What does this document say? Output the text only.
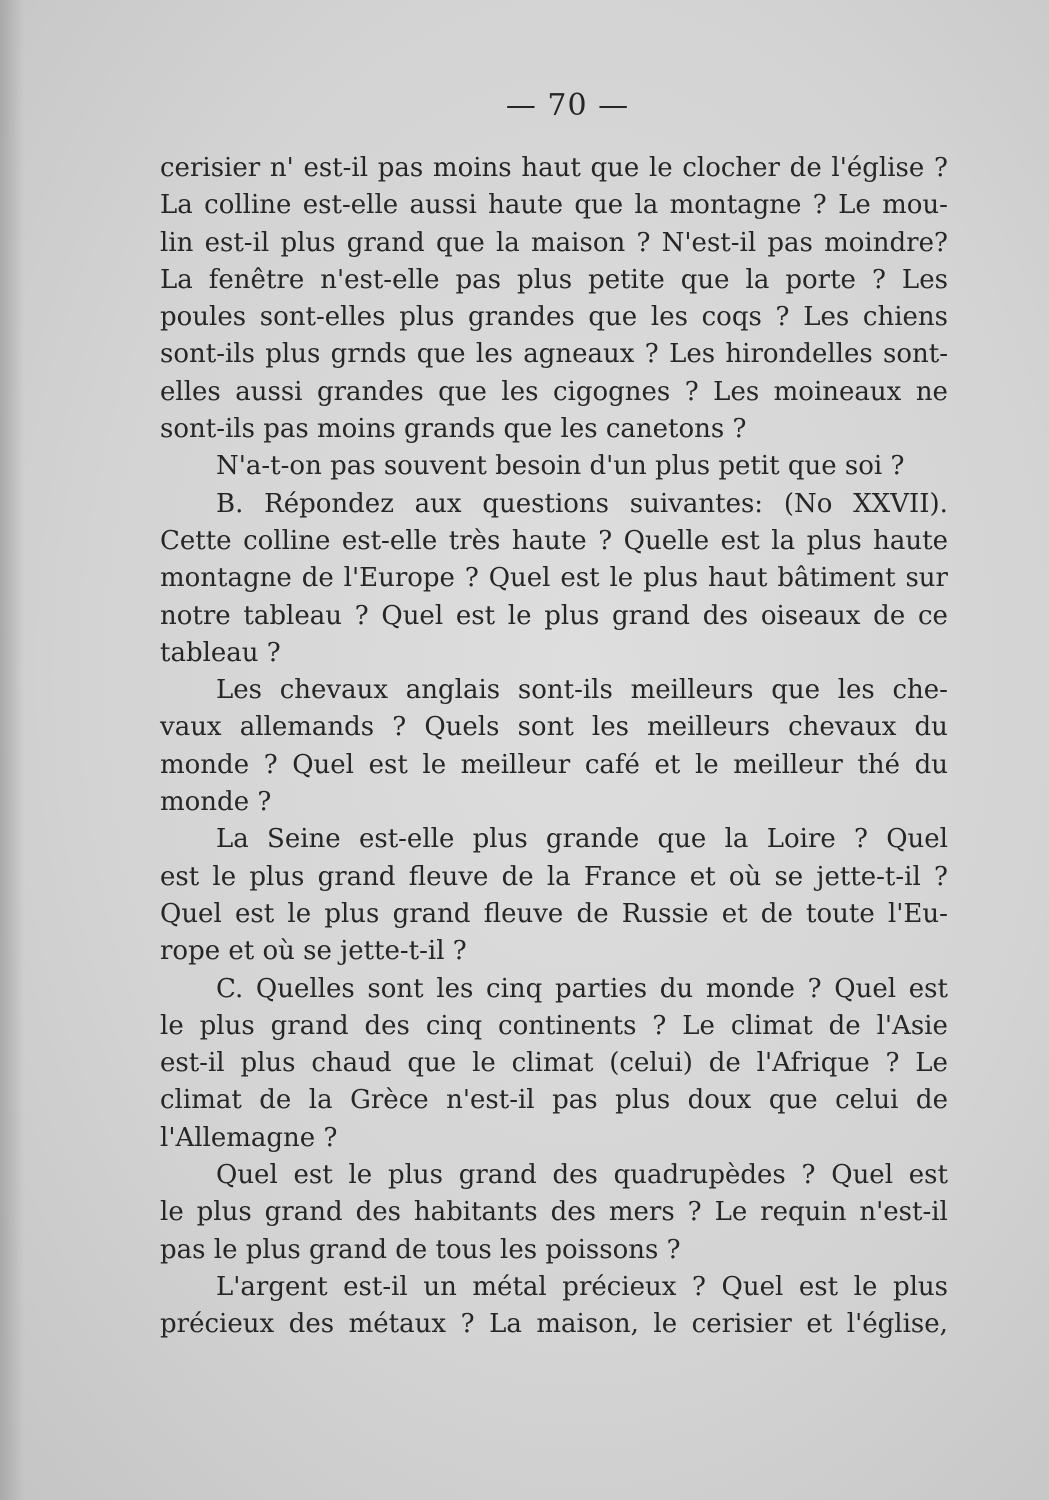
— 70 —
cerisier n' est-il pas moins haut que le clocher de l'église ?
La colline est-elle aussi haute que la montagne ? Le mou-
lin est-il plus grand que la maison ? N'est-il pas moindre?
La fenêtre n'est-elle pas plus petite que la porte ? Les
poules sont-elles plus grandes que les coqs ? Les chiens
sont-ils plus grnds que les agneaux ? Les hirondelles sont-
elles aussi grandes que les cigognes ? Les moineaux ne
sont-ils pas moins grands que les canetons ?
N'a-t-on pas souvent besoin d'un plus petit que soi ?
B. Répondez aux questions suivantes: (No XXVII).
Cette colline est-elle très haute ? Quelle est la plus haute
montagne de l'Europe ? Quel est le plus haut bâtiment sur
notre tableau ? Quel est le plus grand des oiseaux de ce
tableau ?
Les chevaux anglais sont-ils meilleurs que les che-
vaux allemands ? Quels sont les meilleurs chevaux du
monde ? Quel est le meilleur café et le meilleur thé du
monde ?
La Seine est-elle plus grande que la Loire ? Quel
est le plus grand fleuve de la France et où se jette-t-il ?
Quel est le plus grand fleuve de Russie et de toute l'Eu-
rope et où se jette-t-il ?
C. Quelles sont les cinq parties du monde ? Quel est
le plus grand des cinq continents ? Le climat de l'Asie
est-il plus chaud que le climat (celui) de l'Afrique ? Le
climat de la Grèce n'est-il pas plus doux que celui de
l'Allemagne ?
Quel est le plus grand des quadrupèdes ? Quel est
le plus grand des habitants des mers ? Le requin n'est-il
pas le plus grand de tous les poissons ?
L'argent est-il un métal précieux ? Quel est le plus
précieux des métaux ? La maison, le cerisier et l'église,
